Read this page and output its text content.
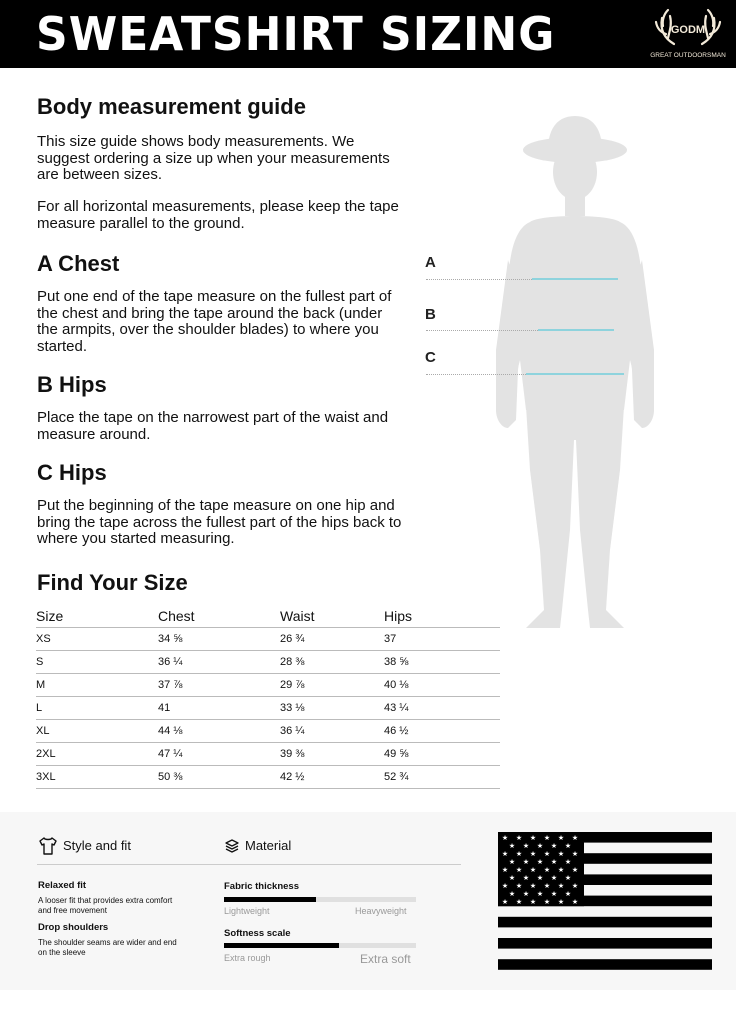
SWEATSHIRT SIZING	GODM
GREAT OUTDOORSMAN
Body measurement guide
This size guide shows body measurements. We suggest ordering a size up when your measurements are between sizes.
For all horizontal measurements, please keep the tape measure parallel to the ground.
A Chest
Put one end of the tape measure on the fullest part of the chest and bring the tape around the back (under the armpits, over the shoulder blades) to where you started.
B Hips
Place the tape on the narrowest part of the waist and measure around.
C Hips
Put the beginning of the tape measure on one hip and bring the tape across the fullest part of the hips back to where you started measuring.
A
B
C
Find Your Size
Size	Chest	Waist	Hips
XS	34 ⅝	26 ¾	37
S	36 ¼	28 ⅜	38 ⅝
M	37 ⅞	29 ⅞	40 ⅛
L	41	33 ⅛	43 ¼
XL	44 ⅛	36 ¼	46 ½
2XL	47 ¼	39 ⅜	49 ⅝
3XL	50 ⅜	42 ½	52 ¾
Style and fit	Material
Relaxed fit
A looser fit that provides extra comfort and free movement
Drop shoulders
The shoulder seams are wider and end on the sleeve
Fabric thickness
Lightweight	Heavyweight
Softness scale
Extra rough	Extra soft
★ ★ ★ ★ ★ ★
★ ★ ★ ★ ★
★ ★ ★ ★ ★ ★
★ ★ ★ ★ ★
★ ★ ★ ★ ★ ★
★ ★ ★ ★ ★
★ ★ ★ ★ ★ ★
★ ★ ★ ★ ★
★ ★ ★ ★ ★ ★
